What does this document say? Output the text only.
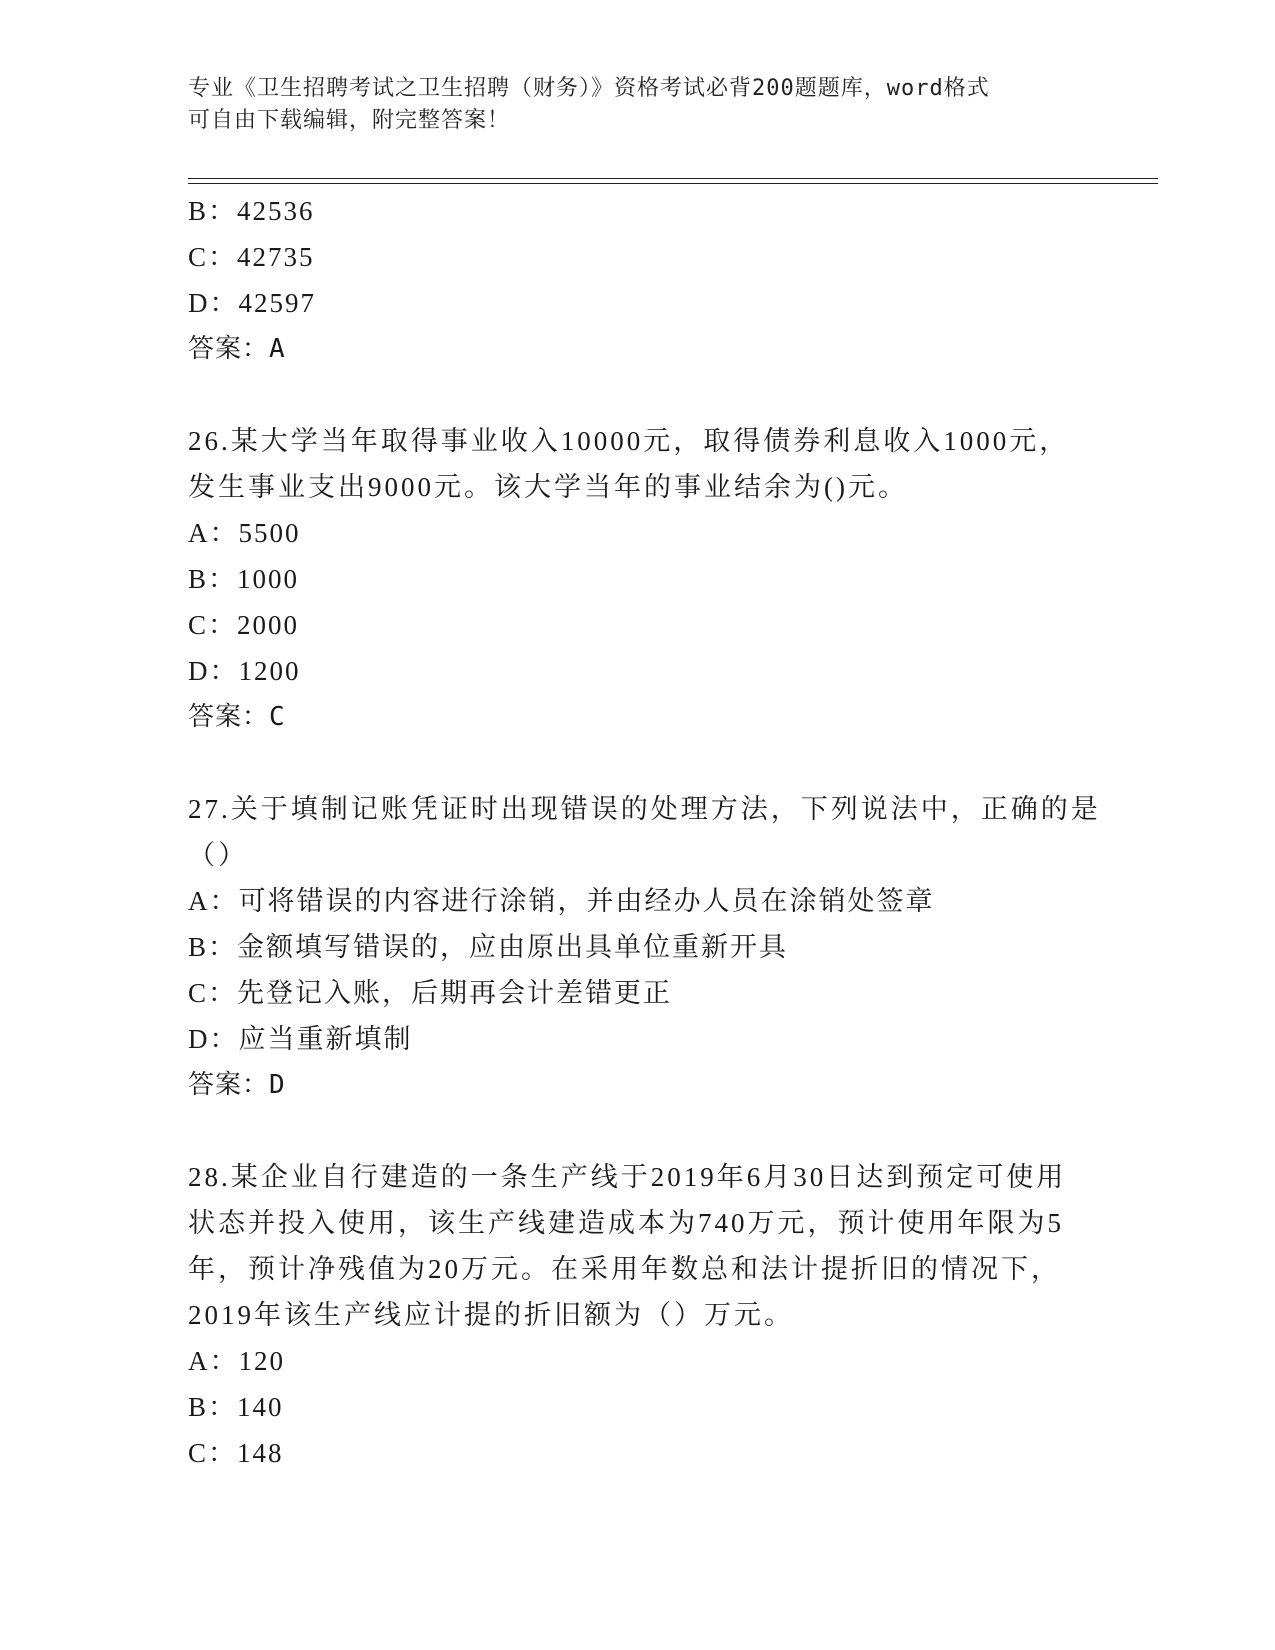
专业《卫生招聘考试之卫生招聘（财务）》资格考试必背200题题库，word格式
可自由下载编辑，附完整答案！
B：42536
C：42735
D：42597
答案：A
26.某大学当年取得事业收入10000元，取得债券利息收入1000元，
发生事业支出9000元。该大学当年的事业结余为()元。
A：5500
B：1000
C：2000
D：1200
答案：C
27.关于填制记账凭证时出现错误的处理方法，下列说法中，正确的是
（）
A：可将错误的内容进行涂销，并由经办人员在涂销处签章
B：金额填写错误的，应由原出具单位重新开具
C：先登记入账，后期再会计差错更正
D：应当重新填制
答案：D
28.某企业自行建造的一条生产线于2019年6月30日达到预定可使用
状态并投入使用，该生产线建造成本为740万元，预计使用年限为5
年，预计净残值为20万元。在采用年数总和法计提折旧的情况下，
2019年该生产线应计提的折旧额为（）万元。
A：120
B：140
C：148
